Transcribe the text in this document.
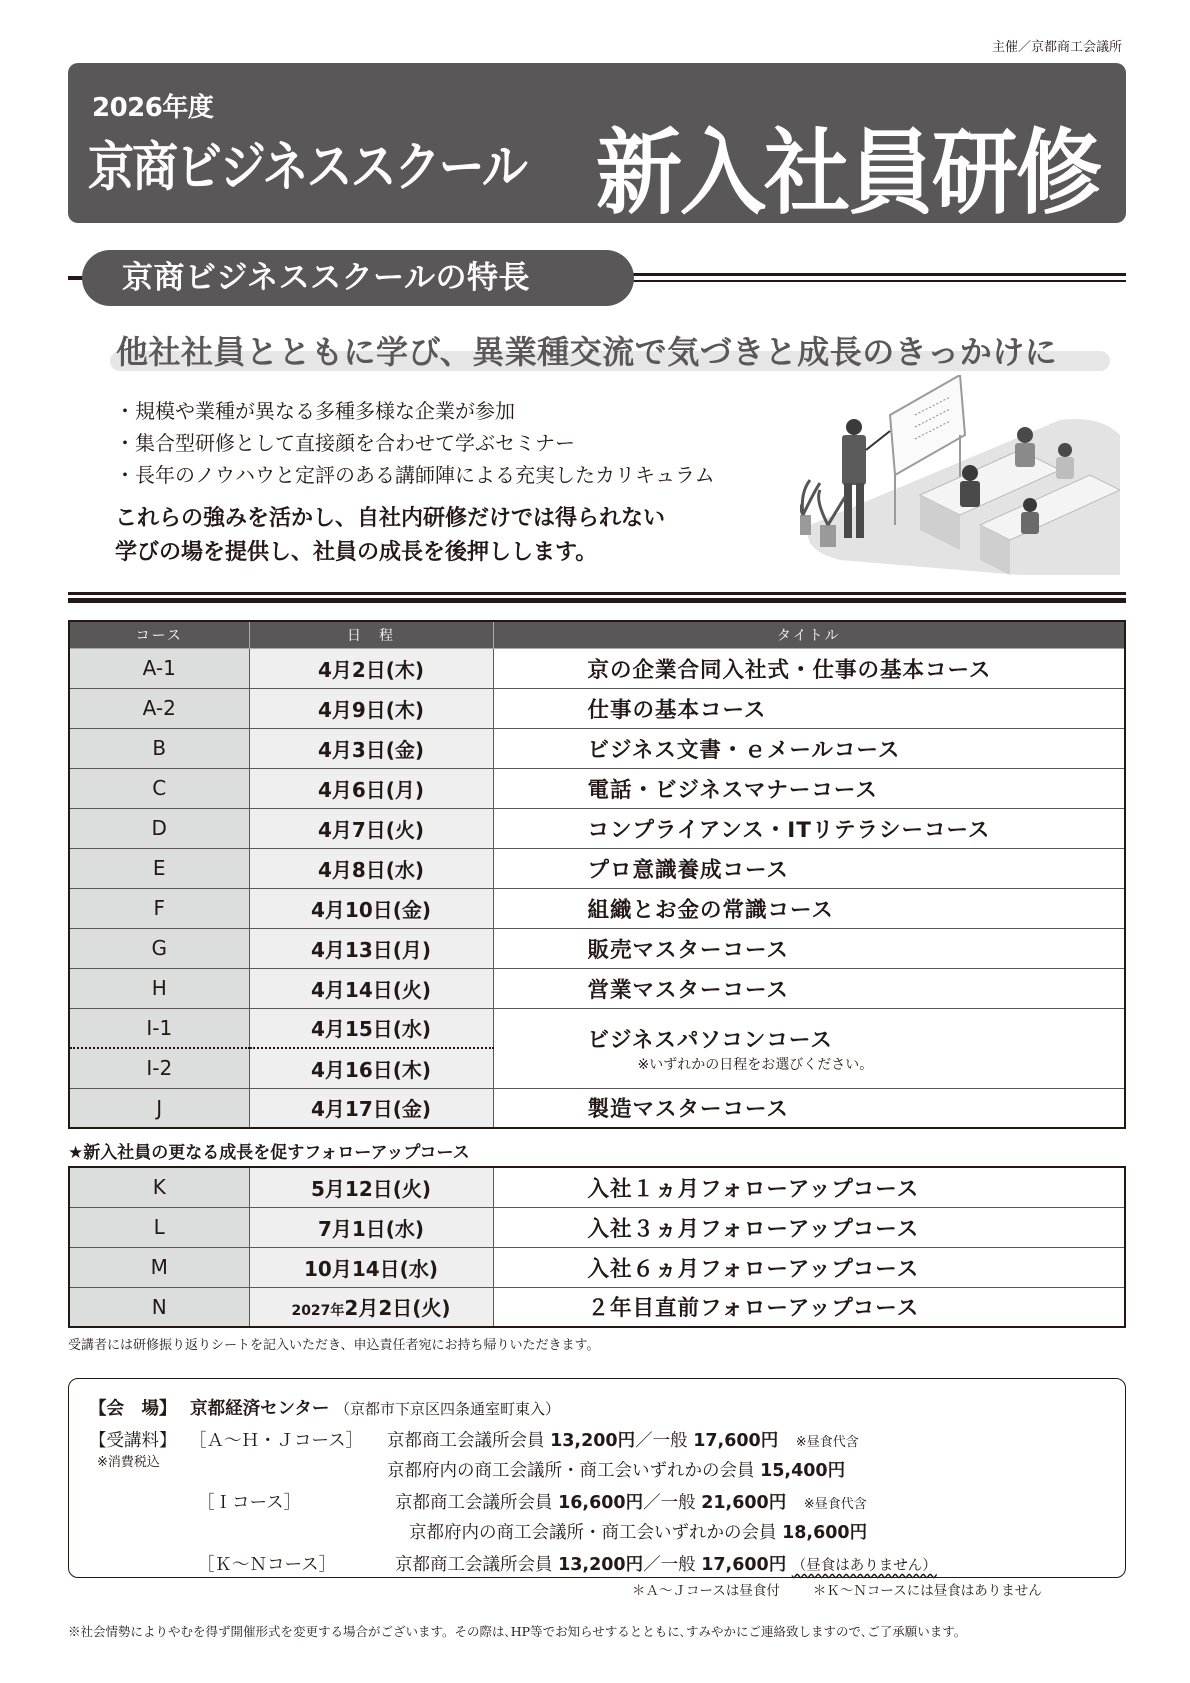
主催／京都商工会議所
2026年度
京商ビジネススクール 新入社員研修
京商ビジネススクールの特長
他社社員とともに学び、異業種交流で気づきと成長のきっかけに
・規模や業種が異なる多種多様な企業が参加
・集合型研修として直接顔を合わせて学ぶセミナー
・長年のノウハウと定評のある講師陣による充実したカリキュラム
これらの強みを活かし、自社内研修だけでは得られない
学びの場を提供し、社員の成長を後押しします。
コース	日　程	タイトル
A-1	4月2日(木)	京の企業合同入社式・仕事の基本コース
A-2	4月9日(木)	仕事の基本コース
B	4月3日(金)	ビジネス文書・ｅメールコース
C	4月6日(月)	電話・ビジネスマナーコース
D	4月7日(火)	コンプライアンス・ITリテラシーコース
E	4月8日(水)	プロ意識養成コース
F	4月10日(金)	組織とお金の常識コース
G	4月13日(月)	販売マスターコース
H	4月14日(火)	営業マスターコース
I-1	4月15日(水)	ビジネスパソコンコース
※いずれかの日程をお選びください。

I-2	4月16日(木)	
J	4月17日(金)	製造マスターコース
★新入社員の更なる成長を促すフォローアップコース
K	5月12日(火)	入社１ヵ月フォローアップコース
L	7月1日(水)	入社３ヵ月フォローアップコース
M	10月14日(水)	入社６ヵ月フォローアップコース
N	2027年2月2日(火)	２年目直前フォローアップコース
受講者には研修振り返りシートを記入いただき、申込責任者宛にお持ち帰りいただきます。
【会　場】 京都経済センター （京都市下京区四条通室町東入）
【受講料】
※消費税込
［Ａ～Ｈ・Ｊコース］ 京都商工会議所会員 13,200円／一般 17,600円 ※昼食代含
京都府内の商工会議所・商工会いずれかの会員 15,400円
［Ｉコース］	京都商工会議所会員 16,600円／一般 21,600円 ※昼食代含
京都府内の商工会議所・商工会いずれかの会員 18,600円
［Ｋ～Ｎコース］	京都商工会議所会員 13,200円／一般 17,600円 （昼食はありません）
＊Ａ～Ｊコースは昼食付 ＊Ｋ～Ｎコースには昼食はありません
※社会情勢によりやむを得ず開催形式を変更する場合がございます。その際は､HP等でお知らせするとともに､すみやかにご連絡致しますので､ご了承願います。
